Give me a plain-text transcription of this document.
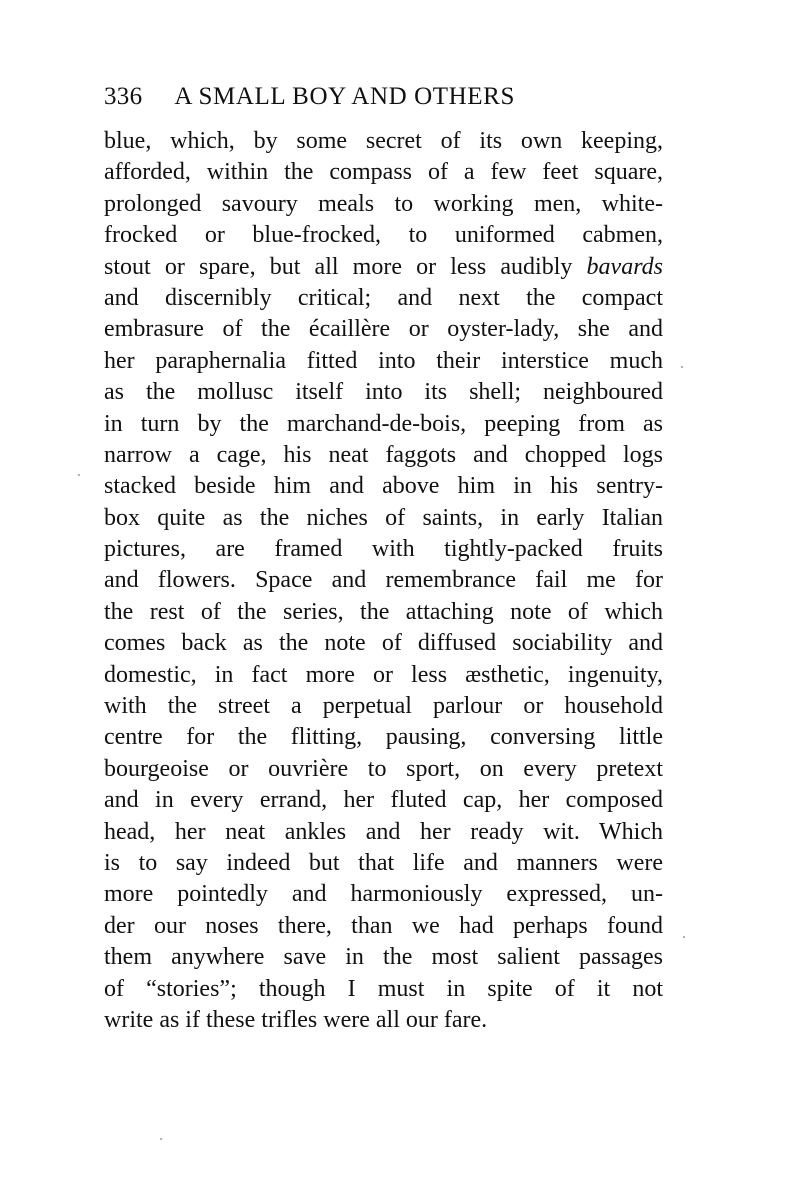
336 A SMALL BOY AND OTHERS
blue, which, by some secret of its own keeping,
afforded, within the compass of a few feet square,
prolonged savoury meals to working men, white-
frocked or blue-frocked, to uniformed cabmen,
stout or spare, but all more or less audibly bavards
and discernibly critical; and next the compact
embrasure of the écaillère or oyster-lady, she and
her paraphernalia fitted into their interstice much
as the mollusc itself into its shell; neighboured
in turn by the marchand-de-bois, peeping from as
narrow a cage, his neat faggots and chopped logs
stacked beside him and above him in his sentry-
box quite as the niches of saints, in early Italian
pictures, are framed with tightly-packed fruits
and flowers. Space and remembrance fail me for
the rest of the series, the attaching note of which
comes back as the note of diffused sociability and
domestic, in fact more or less æsthetic, ingenuity,
with the street a perpetual parlour or household
centre for the flitting, pausing, conversing little
bourgeoise or ouvrière to sport, on every pretext
and in every errand, her fluted cap, her composed
head, her neat ankles and her ready wit. Which
is to say indeed but that life and manners were
more pointedly and harmoniously expressed, un-
der our noses there, than we had perhaps found
them anywhere save in the most salient passages
of “stories”; though I must in spite of it not
write as if these trifles were all our fare.
